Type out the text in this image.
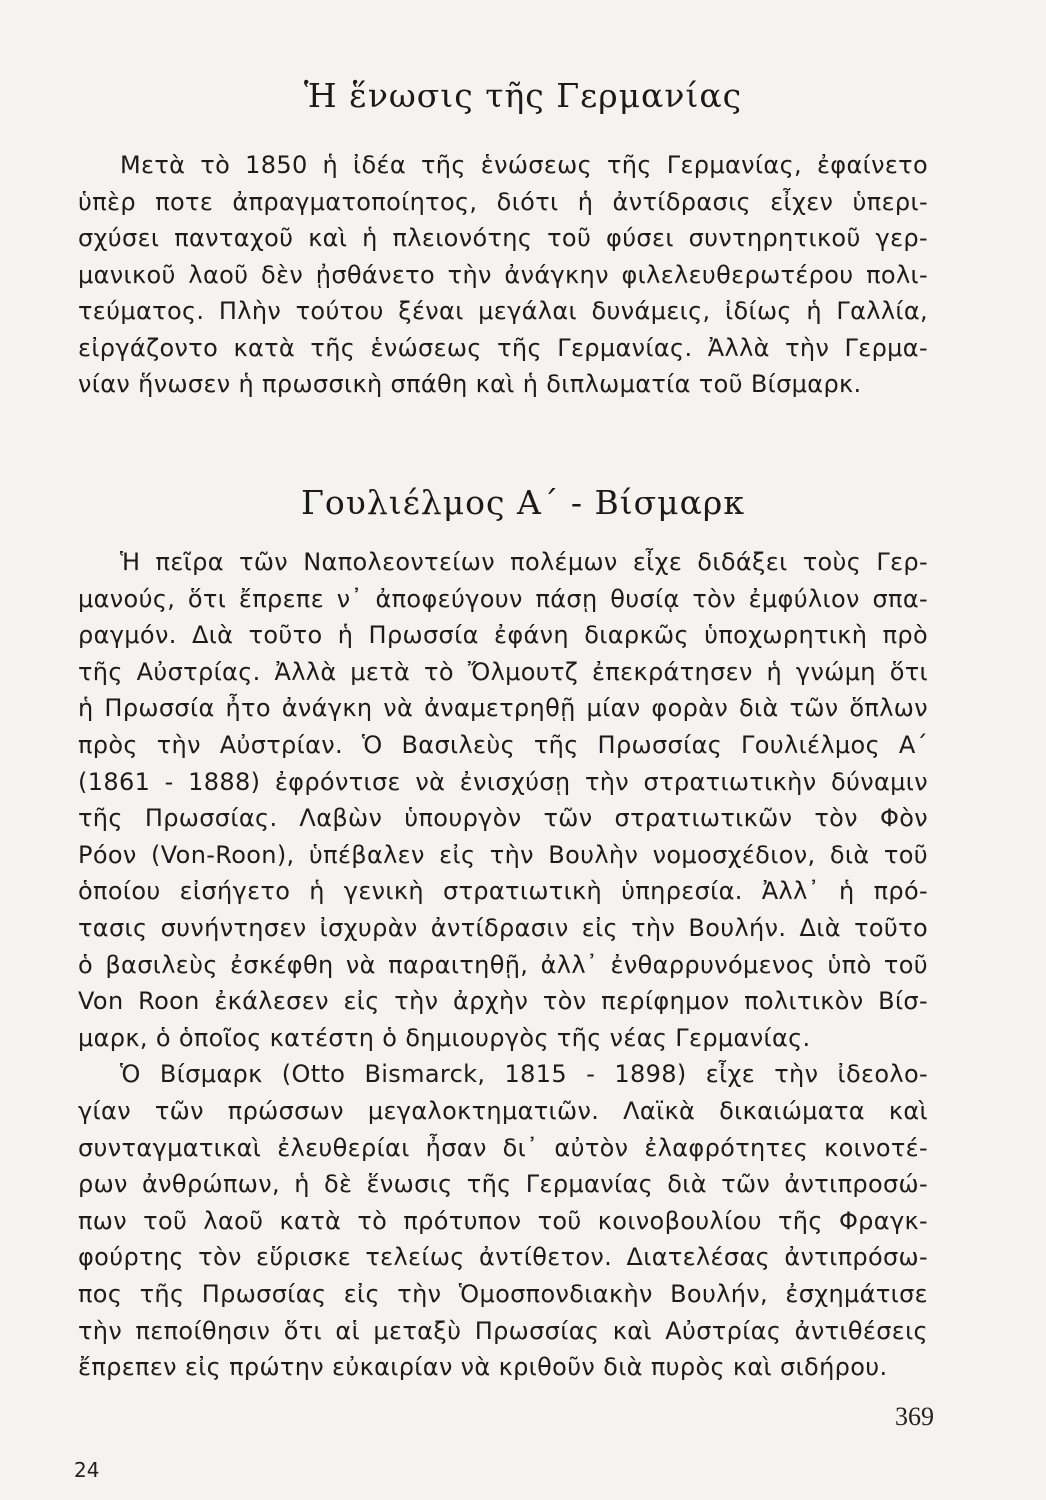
Ἡ ἕνωσις τῆς Γερμανίας
Μετὰ τὸ 1850 ἡ ἰδέα τῆς ἑνώσεως τῆς Γερμανίας, ἐφαίνετο
ὑπὲρ ποτε ἀπραγματοποίητος, διότι ἡ ἀντίδρασις εἶχεν ὑπερι-
σχύσει πανταχοῦ καὶ ἡ πλειονότης τοῦ φύσει συντηρητικοῦ γερ-
μανικοῦ λαοῦ δὲν ᾐσθάνετο τὴν ἀνάγκην φιλελευθερωτέρου πολι-
τεύματος. Πλὴν τούτου ξέναι μεγάλαι δυνάμεις, ἰδίως ἡ Γαλλία,
εἰργάζοντο κατὰ τῆς ἑνώσεως τῆς Γερμανίας. Ἀλλὰ τὴν Γερμα-
νίαν ἥνωσεν ἡ πρωσσικὴ σπάθη καὶ ἡ διπλωματία τοῦ Βίσμαρκ.
Γουλιέλμος Α΄ - Βίσμαρκ
Ἡ πεῖρα τῶν Ναπολεοντείων πολέμων εἶχε διδάξει τοὺς Γερ-
μανούς, ὅτι ἔπρεπε ν᾿ ἀποφεύγουν πάσῃ θυσίᾳ τὸν ἐμφύλιον σπα-
ραγμόν. Διὰ τοῦτο ἡ Πρωσσία ἐφάνη διαρκῶς ὑποχωρητικὴ πρὸ
τῆς Αὐστρίας. Ἀλλὰ μετὰ τὸ Ὄλμουτζ ἐπεκράτησεν ἡ γνώμη ὅτι
ἡ Πρωσσία ἦτο ἀνάγκη νὰ ἀναμετρηθῇ μίαν φορὰν διὰ τῶν ὅπλων
πρὸς τὴν Αὐστρίαν. Ὁ Βασιλεὺς τῆς Πρωσσίας Γουλιέλμος Α΄
(1861 - 1888) ἐφρόντισε νὰ ἐνισχύσῃ τὴν στρατιωτικὴν δύναμιν
τῆς Πρωσσίας. Λαβὼν ὑπουργὸν τῶν στρατιωτικῶν τὸν Φὸν
Ρόον (Von-Roon), ὑπέβαλεν εἰς τὴν Βουλὴν νομοσχέδιον, διὰ τοῦ
ὁποίου εἰσήγετο ἡ γενικὴ στρατιωτικὴ ὑπηρεσία. Ἀλλ᾿ ἡ πρό-
τασις συνήντησεν ἰσχυρὰν ἀντίδρασιν εἰς τὴν Βουλήν. Διὰ τοῦτο
ὁ βασιλεὺς ἐσκέφθη νὰ παραιτηθῇ, ἀλλ᾿ ἐνθαρρυνόμενος ὑπὸ τοῦ
Von Roon ἐκάλεσεν εἰς τὴν ἀρχὴν τὸν περίφημον πολιτικὸν Βίσ-
μαρκ, ὁ ὁποῖος κατέστη ὁ δημιουργὸς τῆς νέας Γερμανίας.
Ὁ Βίσμαρκ (Otto Bismarck, 1815 - 1898) εἶχε τὴν ἰδεολο-
γίαν τῶν πρώσσων μεγαλοκτηματιῶν. Λαϊκὰ δικαιώματα καὶ
συνταγματικαὶ ἐλευθερίαι ἦσαν δι᾿ αὐτὸν ἐλαφρότητες κοινοτέ-
ρων ἀνθρώπων, ἡ δὲ ἕνωσις τῆς Γερμανίας διὰ τῶν ἀντιπροσώ-
πων τοῦ λαοῦ κατὰ τὸ πρότυπον τοῦ κοινοβουλίου τῆς Φραγκ-
φούρτης τὸν εὕρισκε τελείως ἀντίθετον. Διατελέσας ἀντιπρόσω-
πος τῆς Πρωσσίας εἰς τὴν Ὁμοσπονδιακὴν Βουλήν, ἐσχημάτισε
τὴν πεποίθησιν ὅτι αἱ μεταξὺ Πρωσσίας καὶ Αὐστρίας ἀντιθέσεις
ἔπρεπεν εἰς πρώτην εὐκαιρίαν νὰ κριθοῦν διὰ πυρὸς καὶ σιδήρου.
369
24
